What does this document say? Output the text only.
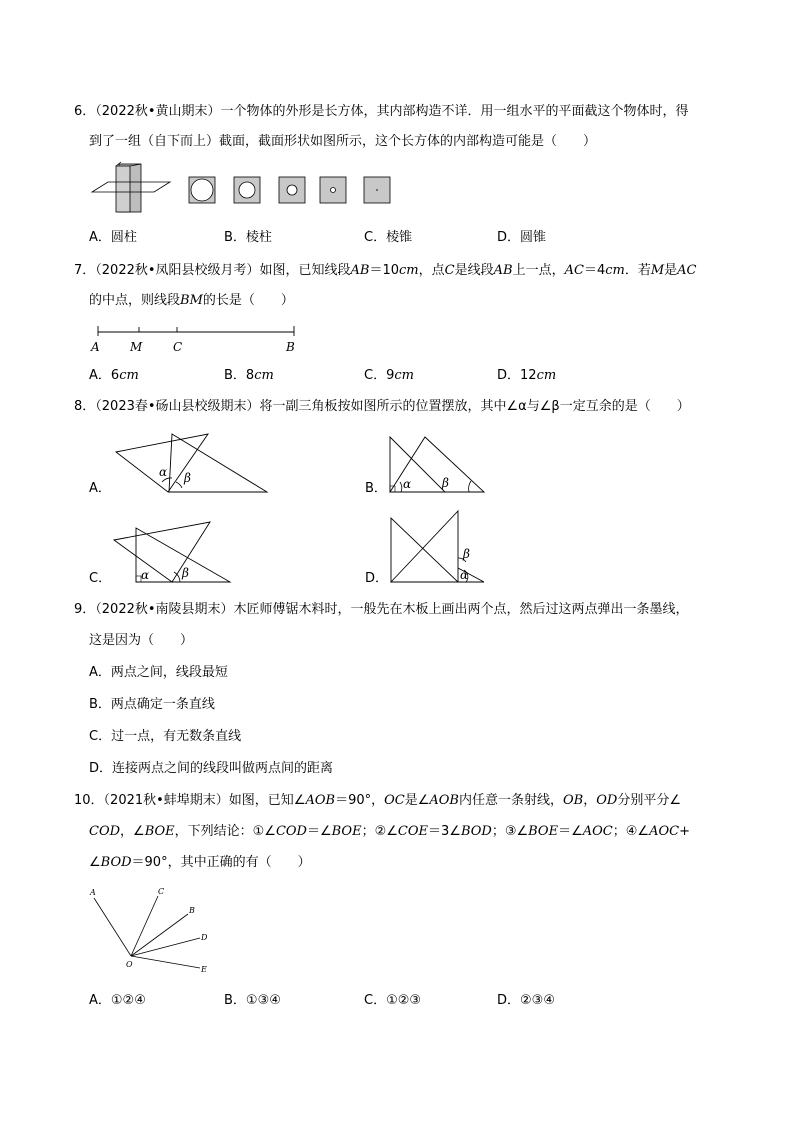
6．（2022秋•黄山期末）一个物体的外形是长方体，其内部构造不详．用一组水平的平面截这个物体时，得
到了一组（自下而上）截面，截面形状如图所示，这个长方体的内部构造可能是（　　）
A．圆柱	B．棱柱	C．棱锥	D．圆锥
7．（2022秋•凤阳县校级月考）如图，已知线段AB＝10cm，点C是线段AB上一点，AC＝4cm．若M是AC
的中点，则线段BM的长是（　　）
A	M	C	B
A．6cm	B．8cm	C．9cm	D．12cm
8．（2023春•砀山县校级期末）将一副三角板按如图所示的位置摆放，其中∠α与∠β一定互余的是（　　）
A．
α β
B． α	β
C． α	β	D．	α
β
9．（2022秋•南陵县期末）木匠师傅锯木料时，一般先在木板上画出两个点，然后过这两点弹出一条墨线，
这是因为（　　）
A．两点之间，线段最短
B．两点确定一条直线
C．过一点，有无数条直线
D．连接两点之间的线段叫做两点间的距离
10．（2021秋•蚌埠期末）如图，已知∠AOB＝90°，OC是∠AOB内任意一条射线，OB，OD分别平分∠
COD，∠BOE，下列结论：①∠COD＝∠BOE；②∠COE＝3∠BOD；③∠BOE＝∠AOC；④∠AOC+
∠BOD＝90°，其中正确的有（　　）
A	C
B
D
O
E
A．①②④	B．①③④	C．①②③	D．②③④
